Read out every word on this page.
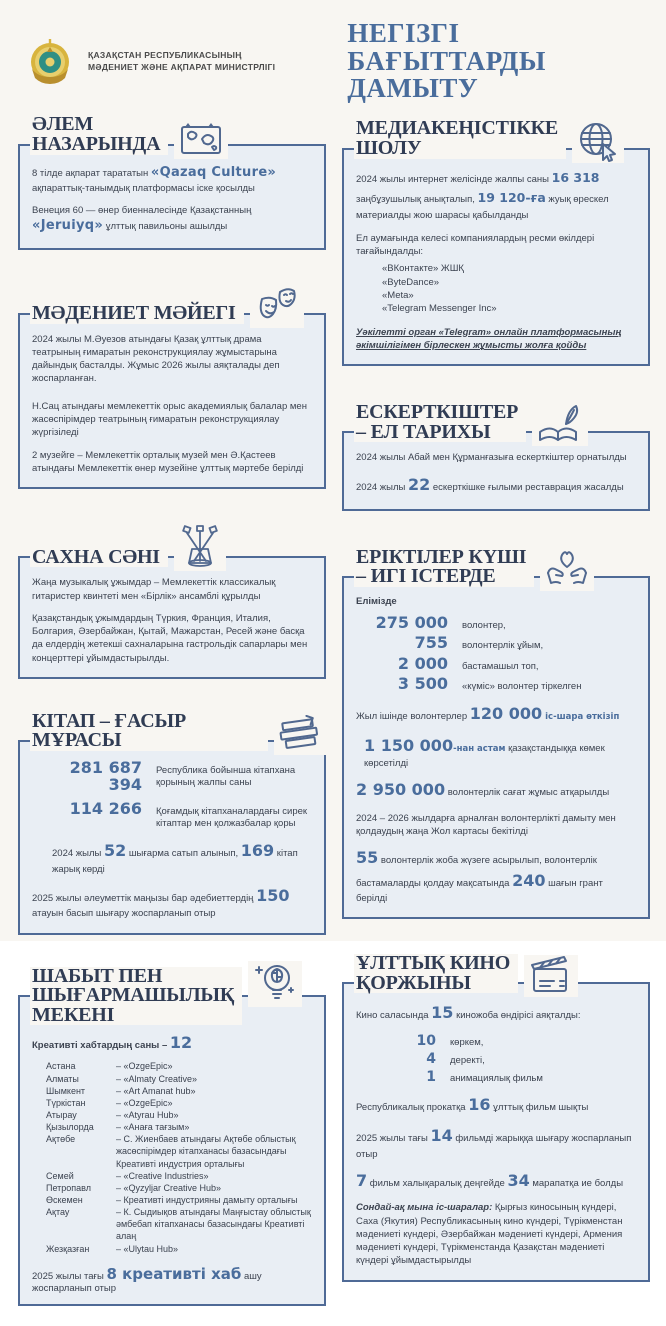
ҚАЗАҚСТАН РЕСПУБЛИКАСЫНЫҢ
МӘДЕНИЕТ ЖӘНЕ АҚПАРАТ МИНИСТРЛІГІ
НЕГІЗГІ БАҒЫТТАРДЫ
ДАМЫТУ
ӘЛЕМ
НАЗАРЫНДА

8 тілде ақпарат тарататын «Qazaq Culture» ақпараттық-танымдық платформасы іске қосылды

Венеция 60 — өнер биенналесінде Қазақстанның «Jeruiyq» ұлттық павильоны ашылды

МӘДЕНИЕТ МӘЙЕГІ

2024 жылы М.Әуезов атындағы Қазақ ұлттық драма театрының ғимаратын реконструкциялау жұмыстарына дайындық басталды. Жұмыс 2026 жылы аяқталады деп жоспарланған.

Н.Сац атындағы мемлекеттік орыс академиялық балалар мен жасөспірімдер театрының ғимаратын реконструкциялау жүргізіледі

2 музейге – Мемлекеттік орталық музей мен Ә.Қастеев атындағы Мемлекеттік өнер музейіне ұлттық мәртебе берілді

САХНА СӘНІ

Жаңа музыкалық ұжымдар – Мемлекеттік классикалық гитаристер квинтеті мен «Бірлік» ансамблі құрылды

Қазақстандық ұжымдардың Түркия, Франция, Италия, Болгария, Әзербайжан, Қытай, Мажарстан, Ресей және басқа да елдердің жетекші сахналарына гастрольдік сапарлары мен концерттері ұйымдастырылды.

КІТАП – ҒАСЫР МҰРАСЫ
281 687 394
Республика бойынша кітапхана қорының жалпы саны
114 266 Қоғамдық кітапханалардағы сирек кітаптар мен қолжазбалар қоры

2024 жылы 52 шығарма сатып алынып, 169 кітап жарық көрді

2025 жылы әлеуметтік маңызы бар әдебиеттердің 150 атауын басып шығару жоспарланып отыр

ШАБЫТ ПЕН
ШЫҒАРМАШЫЛЫҚ
МЕКЕНІ

Креативті хабтардың саны – 12

Астана	– «OzgeEpic»
Алматы	– «Almaty Creative»
Шымкент	– «Art Amanat hub»
Түркістан	– «OzgeEpic»
Атырау	– «Atyrau Hub»
Қызылорда	– «Анаға тағзым»
Ақтөбе	– С. Жиенбаев атындағы Ақтөбе облыстық жасөспірімдер кітапханасы базасындағы Креативті индустрия орталығы
Семей	– «Creative Industries»
Петропавл	– «Qyzyljar Creative Hub»
Өскемен	– Креативті индустрияны дамыту орталығы
Ақтау	– К. Сыдиықов атындағы Маңғыстау облыстық әмбебап кітапханасы базасындағы Креативті алаң
Жезқазған	– «Ulytau Hub»

2025 жылы тағы 8 креативті хаб ашу жоспарланып отыр

МЕДИАКЕҢІСТІККЕ
ШОЛУ

2024 жылы интернет желісінде жалпы саны 16 318 заңбұзушылық анықталып, 19 120-ға жуық өрескел материалды жою шарасы қабылданды

Ел аумағында келесі компаниялардың ресми өкілдері тағайындалды:

«ВКонтакте» ЖШҚ
«ByteDance»
«Meta»
«Telegram Messenger Inc»

Уәкілетті орган «Telegram» онлайн платформасының әкімшілігімен бірлескен жұмысты жолға қойды

ЕСКЕРТКІШТЕР
– ЕЛ ТАРИХЫ

2024 жылы Абай мен Құрманғазыға ескерткіштер орнатылды

2024 жылы 22 ескерткішке ғылыми реставрация жасалды

ЕРІКТІЛЕР КҮШІ
– ИГІ ІСТЕРДЕ

Елімізде

275 000 волонтер,
755 волонтерлік ұйым,
2 000 бастамашыл топ,
3 500 «күміс» волонтер тіркелген

Жыл ішінде волонтерлер 120 000 іс-шара өткізіп

1 150 000-нан астам қазақстандыққа көмек көрсетілді

2 950 000 волонтерлік сағат жұмыс атқарылды

2024 – 2026 жылдарға арналған волонтерлікті дамыту мен қолдаудың жаңа Жол картасы бекітілді

55 волонтерлік жоба жүзеге асырылып, волонтерлік бастамаларды қолдау мақсатында 240 шағын грант берілді

ҰЛТТЫҚ КИНО
ҚОРЖЫНЫ

Кино саласында 15 киножоба өндірісі аяқталды:

10 көркем,
4 деректі,
1 анимациялық фильм

Республикалық прокатқа 16 ұлттық фильм шықты

2025 жылы тағы 14 фильмді жарыққа шығару жоспарланып отыр

7 фильм халықаралық деңгейде 34 марапатқа ие болды

Сондай-ақ мына іс-шаралар: Қырғыз киносының күндері, Саха (Якутия) Республикасының кино күндері, Түрікменстан мәдениеті күндері, Әзербайжан мәдениеті күндері, Армения мәдениеті күндері, Түрікменстанда Қазақстан мәдениеті күндері ұйымдастырылды
